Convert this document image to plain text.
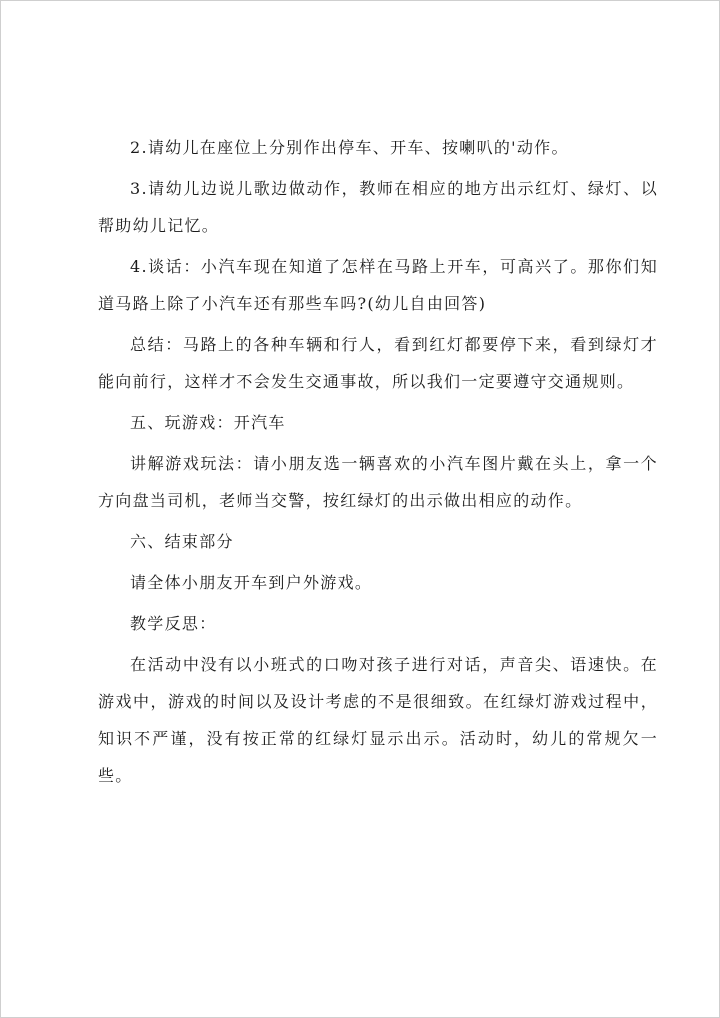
2.请幼儿在座位上分别作出停车、开车、按喇叭的'动作。

3.请幼儿边说儿歌边做动作，教师在相应的地方出示红灯、绿灯、以帮助幼儿记忆。

4.谈话：小汽车现在知道了怎样在马路上开车，可高兴了。那你们知道马路上除了小汽车还有那些车吗?(幼儿自由回答)

总结：马路上的各种车辆和行人，看到红灯都要停下来，看到绿灯才能向前行，这样才不会发生交通事故，所以我们一定要遵守交通规则。

五、玩游戏：开汽车

讲解游戏玩法：请小朋友选一辆喜欢的小汽车图片戴在头上，拿一个方向盘当司机，老师当交警，按红绿灯的出示做出相应的动作。

六、结束部分

请全体小朋友开车到户外游戏。

教学反思：

在活动中没有以小班式的口吻对孩子进行对话，声音尖、语速快。在游戏中，游戏的时间以及设计考虑的不是很细致。在红绿灯游戏过程中，知识不严谨，没有按正常的红绿灯显示出示。活动时，幼儿的常规欠一些。
